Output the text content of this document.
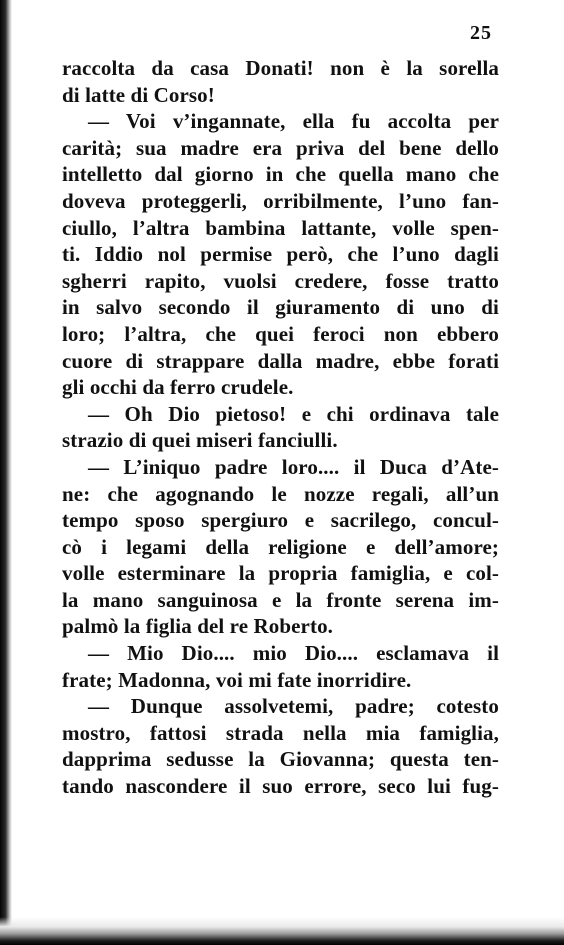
25
raccolta da casa Donati! non è la sorella
di latte di Corso!
— Voi v’ingannate, ella fu accolta per
carità; sua madre era priva del bene dello
intelletto dal giorno in che quella mano che
doveva proteggerli, orribilmente, l’uno fan-
ciullo, l’altra bambina lattante, volle spen-
ti. Iddio nol permise però, che l’uno dagli
sgherri rapito, vuolsi credere, fosse tratto
in salvo secondo il giuramento di uno di
loro; l’altra, che quei feroci non ebbero
cuore di strappare dalla madre, ebbe forati
gli occhi da ferro crudele.
— Oh Dio pietoso! e chi ordinava tale
strazio di quei miseri fanciulli.
— L’iniquo padre loro.... il Duca d’Ate-
ne: che agognando le nozze regali, all’un
tempo sposo spergiuro e sacrilego, concul-
cò i legami della religione e dell’amore;
volle esterminare la propria famiglia, e col-
la mano sanguinosa e la fronte serena im-
palmò la figlia del re Roberto.
— Mio Dio.... mio Dio.... esclamava il
frate; Madonna, voi mi fate inorridire.
— Dunque assolvetemi, padre; cotesto
mostro, fattosi strada nella mia famiglia,
dapprima sedusse la Giovanna; questa ten-
tando nascondere il suo errore, seco lui fug-
